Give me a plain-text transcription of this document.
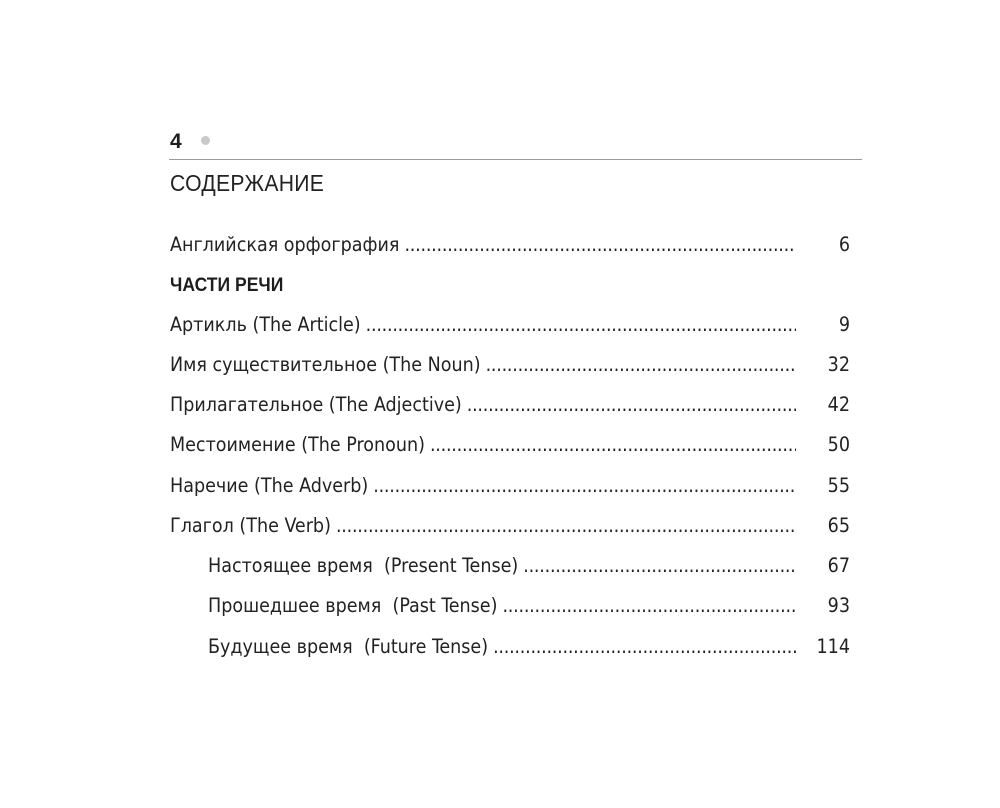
4
СОДЕРЖАНИЕ
Английская орфография . . .	6
ЧАСТИ РЕЧИ
Артикль (The Article) . . .	9
Имя существительное (The Noun) . . .	32
Прилагательное (The Adjective) . . .	42
Местоимение (The Pronoun) . . .	50
Наречие (The Adverb) . . .	55
Глагол (The Verb) . . .	65
Настоящее время  (Present Tense) . . .	67
Прошедшее время  (Past Tense) . . .	93
Будущее время  (Future Tense) . . .	114
